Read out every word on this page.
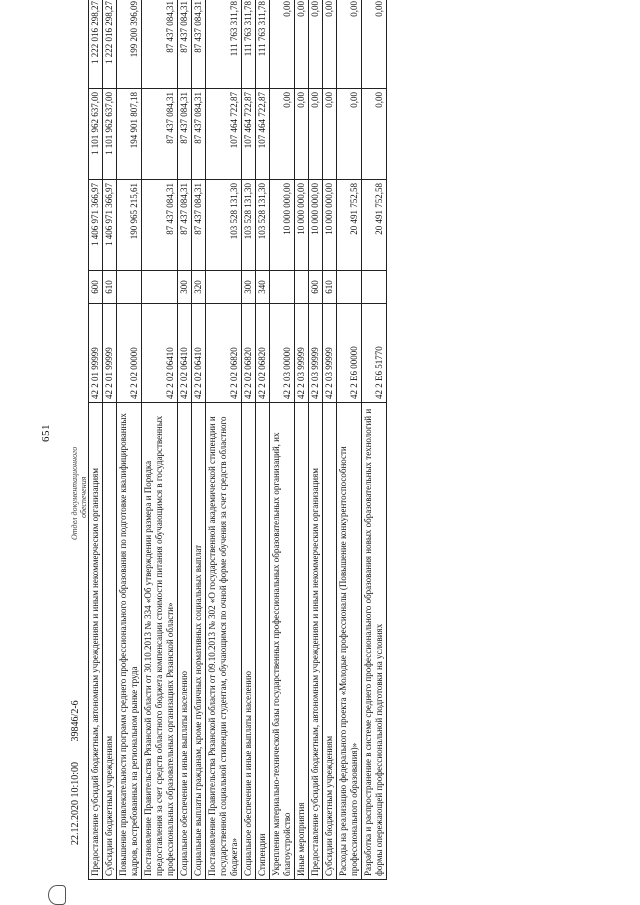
651
Отдел документационного обеспечения
22.12.2020 10:10:00 39846/2-6 Предоставление субсидий бюджетным, автономным учреждениям и иным некоммерческим организациям	42 2 01 99999	600	1 406 971 366,97	1 101 962 637,00	1 222 016 298,27
Субсидии бюджетным учреждениям	42 2 01 99999	610	1 406 971 366,97	1 101 962 637,00	1 222 016 298,27
Повышение привлекательности программ среднего профессионального образования по подготовке квалифицированных кадров, востребованных на региональном рынке труда	42 2 02 00000		190 965 215,61	194 901 807,18	199 200 396,09
Постановление Правительства Рязанской области от 30.10.2013 № 334 «Об утверждении размера и Порядка предоставления за счет средств областного бюджета компенсации стоимости питания обучающимся в государственных профессиональных образовательных организациях Рязанской области»	42 2 02 06410		87 437 084,31	87 437 084,31	87 437 084,31
Социальное обеспечение и иные выплаты населению	42 2 02 06410	300	87 437 084,31	87 437 084,31	87 437 084,31
Социальные выплаты гражданам, кроме публичных нормативных социальных выплат	42 2 02 06410	320	87 437 084,31	87 437 084,31	87 437 084,31
Постановление Правительства Рязанской области от 09.10.2013 № 302 «О государственной академической стипендии и государственной социальной стипендии студентам, обучающимся по очной форме обучения за счет средств областного бюджета»	42 2 02 06820		103 528 131,30	107 464 722,87	111 763 311,78
Социальное обеспечение и иные выплаты населению	42 2 02 06820	300	103 528 131,30	107 464 722,87	111 763 311,78
Стипендии	42 2 02 06820	340	103 528 131,30	107 464 722,87	111 763 311,78
Укрепление материально-технической базы государственных профессиональных образовательных организаций, их благоустройство	42 2 03 00000		10 000 000,00	0,00	0,00
Иные мероприятия	42 2 03 99999		10 000 000,00	0,00	0,00
Предоставление субсидий бюджетным, автономным учреждениям и иным некоммерческим организациям	42 2 03 99999	600	10 000 000,00	0,00	0,00
Субсидии бюджетным учреждениям	42 2 03 99999	610	10 000 000,00	0,00	0,00
Расходы на реализацию федерального проекта «Молодые профессионалы (Повышение конкурентоспособности профессионального образования)»	42 2 E6 00000		20 491 752,58	0,00	0,00
Разработка и распространение в системе среднего профессионального образования новых образовательных технологий и формы опережающей профессиональной подготовки на условиях	42 2 E6 51770		20 491 752,58	0,00	0,00
